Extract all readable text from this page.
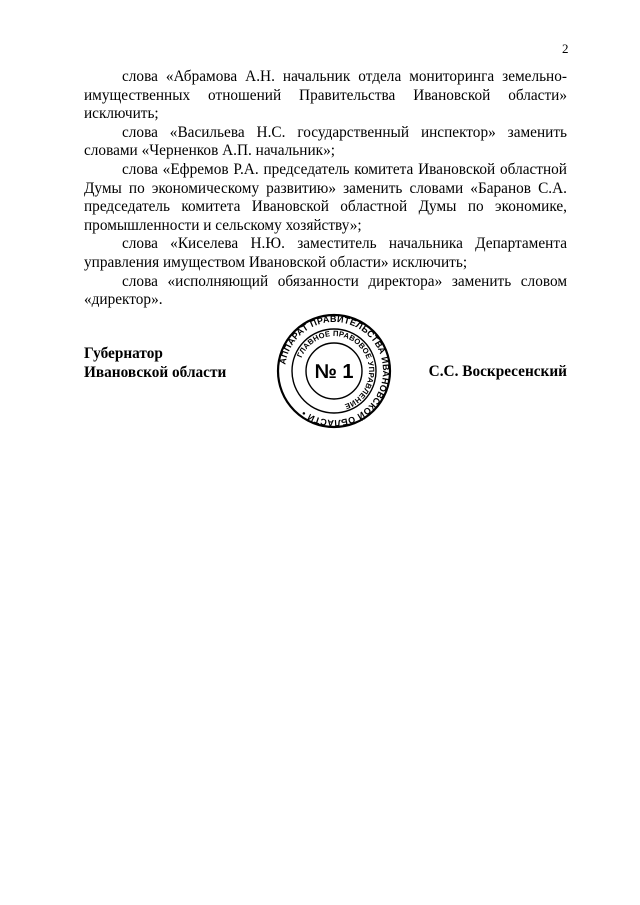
2

слова «Абрамова А.Н. начальник отдела мониторинга земельно-имущественных отношений Правительства Ивановской области» исключить;

слова «Васильева Н.С. государственный инспектор» заменить словами «Черненков А.П. начальник»;

слова «Ефремов Р.А. председатель комитета Ивановской областной Думы по экономическому развитию» заменить словами «Баранов С.А. председатель комитета Ивановской областной Думы по экономике, промышленности и сельскому хозяйству»;

слова «Киселева Н.Ю. заместитель начальника Департамента управления имуществом Ивановской области» исключить;

слова «исполняющий обязанности директора» заменить словом «директор».

Губернатор
Ивановской области	С.С. Воскресенский
АППАРАТ ПРАВИТЕЛЬСТВА ИВАНОВСКОЙ ОБЛАСТИ •
ГЛАВНОЕ ПРАВОВОЕ УПРАВЛЕНИЕ
№ 1
